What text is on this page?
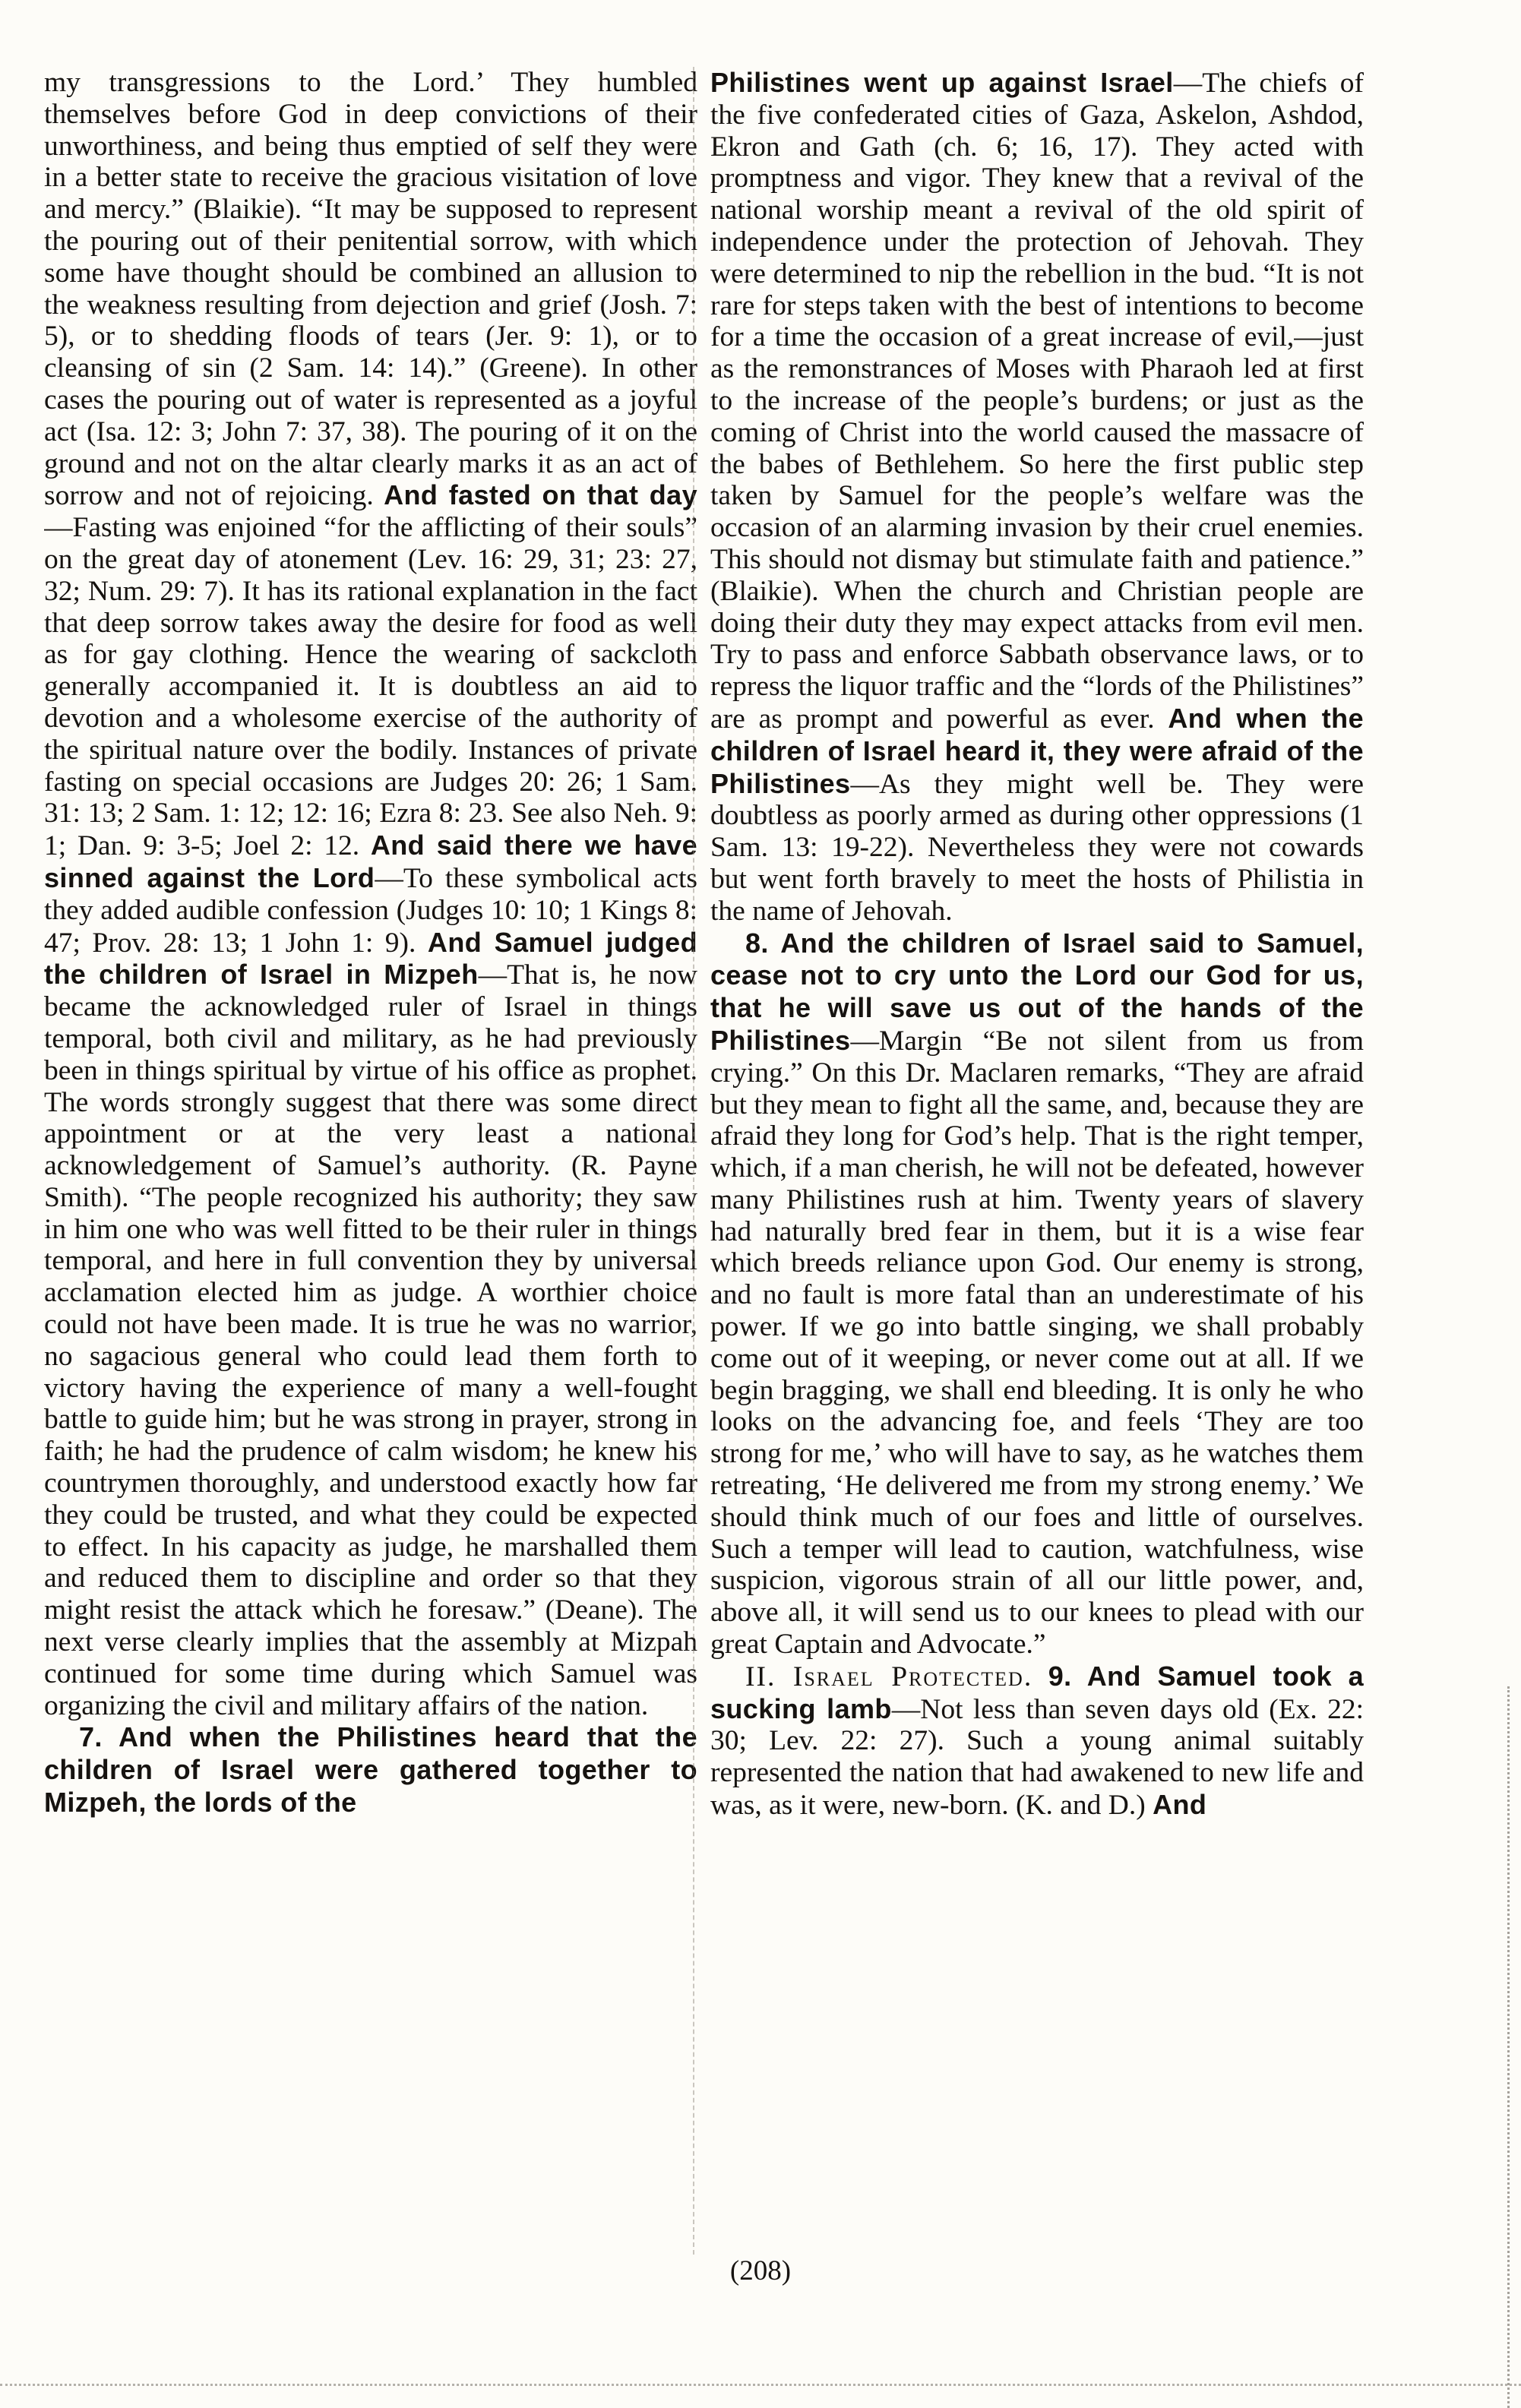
my transgressions to the Lord.’ They humbled themselves before God in deep convictions of their unworthiness, and being thus emptied of self they were in a better state to receive the gracious visitation of love and mercy.” (Blaikie). “It may be supposed to represent the pouring out of their penitential sorrow, with which some have thought should be combined an allusion to the weakness resulting from dejection and grief (Josh. 7: 5), or to shedding floods of tears (Jer. 9: 1), or to cleansing of sin (2 Sam. 14: 14).” (Greene). In other cases the pouring out of water is represented as a joyful act (Isa. 12: 3; John 7: 37, 38). The pouring of it on the ground and not on the altar clearly marks it as an act of sorrow and not of rejoicing. And fasted on that day—Fasting was enjoined “for the afflicting of their souls” on the great day of atonement (Lev. 16: 29, 31; 23: 27, 32; Num. 29: 7). It has its rational explanation in the fact that deep sorrow takes away the desire for food as well as for gay clothing. Hence the wearing of sackcloth generally accompanied it. It is doubtless an aid to devotion and a wholesome exercise of the authority of the spiritual nature over the bodily. Instances of private fasting on special occasions are Judges 20: 26; 1 Sam. 31: 13; 2 Sam. 1: 12; 12: 16; Ezra 8: 23. See also Neh. 9: 1; Dan. 9: 3-5; Joel 2: 12. And said there we have sinned against the Lord—To these symbolical acts they added audible confession (Judges 10: 10; 1 Kings 8: 47; Prov. 28: 13; 1 John 1: 9). And Samuel judged the children of Israel in Mizpeh—That is, he now became the acknowledged ruler of Israel in things temporal, both civil and military, as he had previously been in things spiritual by virtue of his office as prophet. The words strongly suggest that there was some direct appointment or at the very least a national acknowledgement of Samuel’s authority. (R. Payne Smith). “The people recognized his authority; they saw in him one who was well fitted to be their ruler in things temporal, and here in full convention they by universal acclamation elected him as judge. A worthier choice could not have been made. It is true he was no warrior, no sagacious general who could lead them forth to victory having the experience of many a well-fought battle to guide him; but he was strong in prayer, strong in faith; he had the prudence of calm wisdom; he knew his countrymen thoroughly, and understood exactly how far they could be trusted, and what they could be expected to effect. In his capacity as judge, he marshalled them and reduced them to discipline and order so that they might resist the attack which he foresaw.” (Deane). The next verse clearly implies that the assembly at Mizpah continued for some time during which Samuel was organizing the civil and military affairs of the nation.

7. And when the Philistines heard that the children of Israel were gathered together to Mizpeh, the lords of the

Philistines went up against Israel—The chiefs of the five confederated cities of Gaza, Askelon, Ashdod, Ekron and Gath (ch. 6; 16, 17). They acted with promptness and vigor. They knew that a revival of the national worship meant a revival of the old spirit of independence under the protection of Jehovah. They were determined to nip the rebellion in the bud. “It is not rare for steps taken with the best of intentions to become for a time the occasion of a great increase of evil,—just as the remonstrances of Moses with Pharaoh led at first to the increase of the people’s burdens; or just as the coming of Christ into the world caused the massacre of the babes of Bethlehem. So here the first public step taken by Samuel for the people’s welfare was the occasion of an alarming invasion by their cruel enemies. This should not dismay but stimulate faith and patience.” (Blaikie). When the church and Christian people are doing their duty they may expect attacks from evil men. Try to pass and enforce Sabbath observance laws, or to repress the liquor traffic and the “lords of the Philistines” are as prompt and powerful as ever. And when the children of Israel heard it, they were afraid of the Philistines—As they might well be. They were doubtless as poorly armed as during other oppressions (1 Sam. 13: 19-22). Nevertheless they were not cowards but went forth bravely to meet the hosts of Philistia in the name of Jehovah.

8. And the children of Israel said to Samuel, cease not to cry unto the Lord our God for us, that he will save us out of the hands of the Philistines—Margin “Be not silent from us from crying.” On this Dr. Maclaren remarks, “They are afraid but they mean to fight all the same, and, because they are afraid they long for God’s help. That is the right temper, which, if a man cherish, he will not be defeated, however many Philistines rush at him. Twenty years of slavery had naturally bred fear in them, but it is a wise fear which breeds reliance upon God. Our enemy is strong, and no fault is more fatal than an underestimate of his power. If we go into battle singing, we shall probably come out of it weeping, or never come out at all. If we begin bragging, we shall end bleeding. It is only he who looks on the advancing foe, and feels ‘They are too strong for me,’ who will have to say, as he watches them retreating, ‘He delivered me from my strong enemy.’ We should think much of our foes and little of ourselves. Such a temper will lead to caution, watchfulness, wise suspicion, vigorous strain of all our little power, and, above all, it will send us to our knees to plead with our great Captain and Advocate.”

II. Israel Protected. 9. And Samuel took a sucking lamb—Not less than seven days old (Ex. 22: 30; Lev. 22: 27). Such a young animal suitably represented the nation that had awakened to new life and was, as it were, new-born. (K. and D.) And

(208)
